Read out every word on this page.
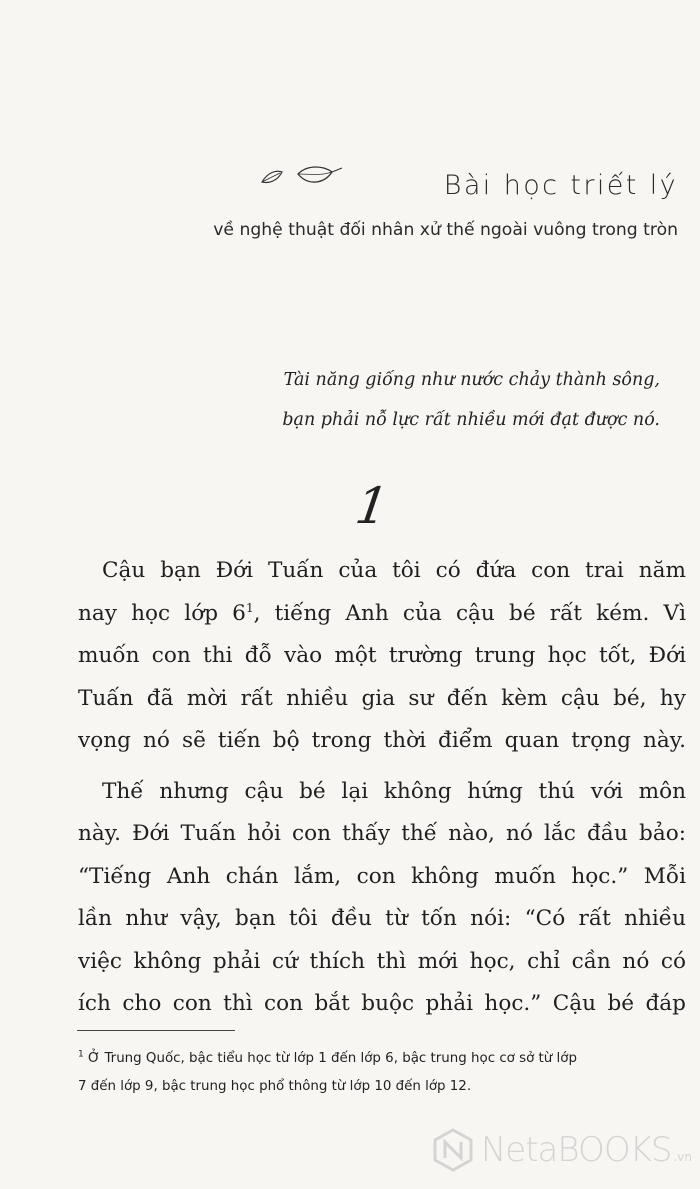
Bài học triết lý

về nghệ thuật đối nhân xử thế ngoài vuông trong tròn

Tài năng giống như nước chảy thành sông,
bạn phải nỗ lực rất nhiều mới đạt được nó.
1
Cậu bạn Đới Tuấn của tôi có đứa con trai năm
nay học lớp $6^1$, tiếng Anh của cậu bé rất kém. Vì
muốn con thi đỗ vào một trường trung học tốt, Đới
Tuấn đã mời rất nhiều gia sư đến kèm cậu bé, hy
vọng nó sẽ tiến bộ trong thời điểm quan trọng này.
Thế nhưng cậu bé lại không hứng thú với môn
này. Đới Tuấn hỏi con thấy thế nào, nó lắc đầu bảo:
“Tiếng Anh chán lắm, con không muốn học.” Mỗi
lần như vậy, bạn tôi đều từ tốn nói: “Có rất nhiều
việc không phải cứ thích thì mới học, chỉ cần nó có
ích cho con thì con bắt buộc phải học.” Cậu bé đáp
$^1$ Ở Trung Quốc, bậc tiểu học từ lớp 1 đến lớp 6, bậc trung học cơ sở từ lớp
7 đến lớp 9, bậc trung học phổ thông từ lớp 10 đến lớp 12.
NetaBOOKS .vn
